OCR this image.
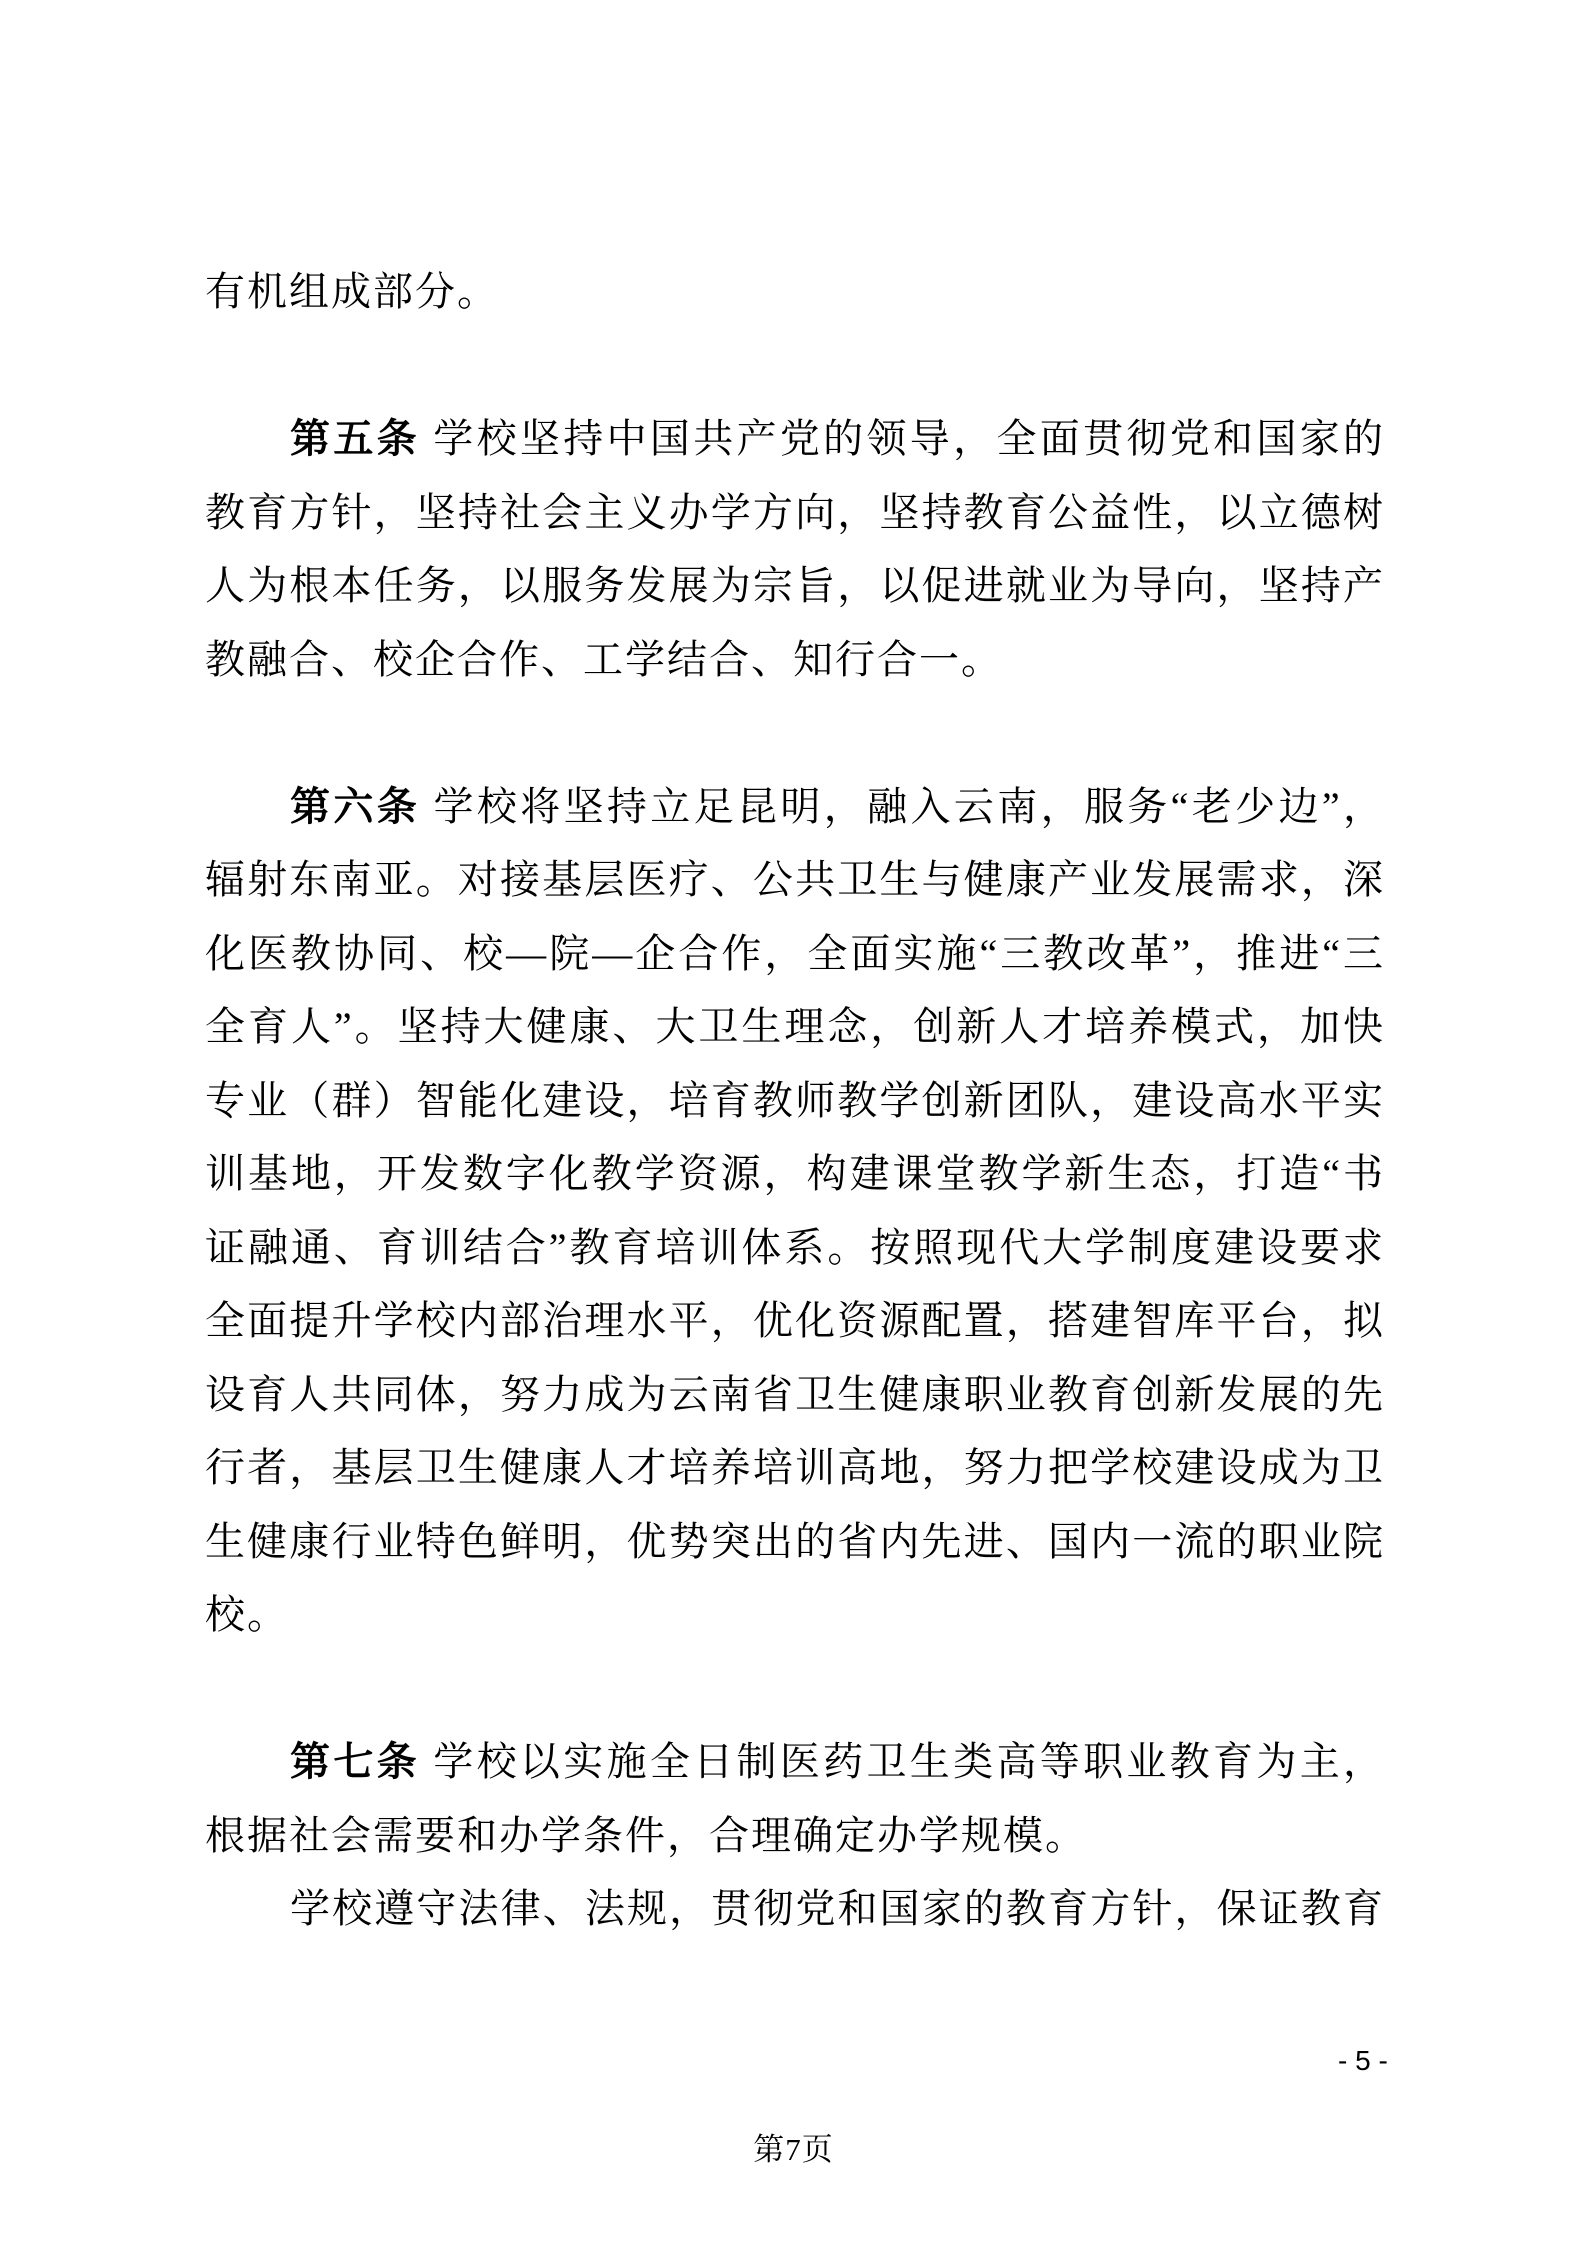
有机组成部分。
第五条 学校坚持中国共产党的领导，全面贯彻党和国家的
教育方针，坚持社会主义办学方向，坚持教育公益性，以立德树
人为根本任务，以服务发展为宗旨，以促进就业为导向，坚持产
教融合、校企合作、工学结合、知行合一。
第六条 学校将坚持立足昆明，融入云南，服务“老少边”，
辐射东南亚。对接基层医疗、公共卫生与健康产业发展需求，深
化医教协同、校—院—企合作，全面实施“三教改革”，推进“三
全育人”。坚持大健康、大卫生理念，创新人才培养模式，加快
专业（群）智能化建设，培育教师教学创新团队，建设高水平实
训基地，开发数字化教学资源，构建课堂教学新生态，打造“书
证融通、育训结合”教育培训体系。按照现代大学制度建设要求
全面提升学校内部治理水平，优化资源配置，搭建智库平台，拟
设育人共同体，努力成为云南省卫生健康职业教育创新发展的先
行者，基层卫生健康人才培养培训高地，努力把学校建设成为卫
生健康行业特色鲜明，优势突出的省内先进、国内一流的职业院
校。
第七条 学校以实施全日制医药卫生类高等职业教育为主，
根据社会需要和办学条件，合理确定办学规模。
学校遵守法律、法规，贯彻党和国家的教育方针，保证教育
- 5 -
第7页
